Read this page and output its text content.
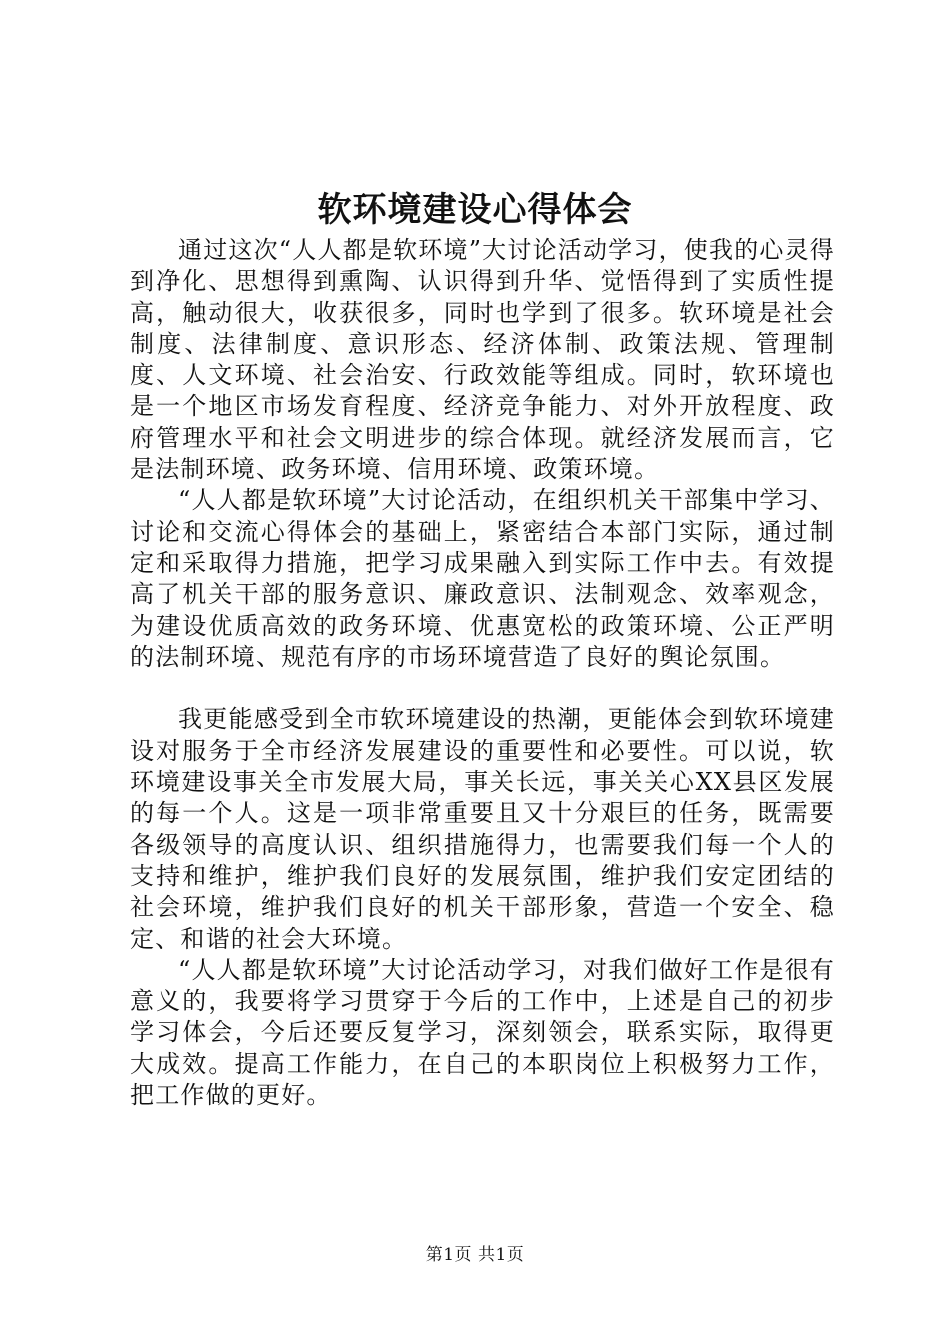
软环境建设心得体会

通过这次“人人都是软环境”大讨论活动学习，使我的心灵得到净化、思想得到熏陶、认识得到升华、觉悟得到了实质性提高，触动很大，收获很多，同时也学到了很多。软环境是社会制度、法律制度、意识形态、经济体制、政策法规、管理制度、人文环境、社会治安、行政效能等组成。同时，软环境也是一个地区市场发育程度、经济竞争能力、对外开放程度、政府管理水平和社会文明进步的综合体现。就经济发展而言，它是法制环境、政务环境、信用环境、政策环境。

“人人都是软环境”大讨论活动，在组织机关干部集中学习、讨论和交流心得体会的基础上，紧密结合本部门实际，通过制定和采取得力措施，把学习成果融入到实际工作中去。有效提高了机关干部的服务意识、廉政意识、法制观念、效率观念，为建设优质高效的政务环境、优惠宽松的政策环境、公正严明的法制环境、规范有序的市场环境营造了良好的舆论氛围。

我更能感受到全市软环境建设的热潮，更能体会到软环境建设对服务于全市经济发展建设的重要性和必要性。可以说，软环境建设事关全市发展大局，事关长远，事关关心XX县区发展的每一个人。这是一项非常重要且又十分艰巨的任务，既需要各级领导的高度认识、组织措施得力，也需要我们每一个人的支持和维护，维护我们良好的发展氛围，维护我们安定团结的社会环境，维护我们良好的机关干部形象，营造一个安全、稳定、和谐的社会大环境。

“人人都是软环境”大讨论活动学习，对我们做好工作是很有意义的，我要将学习贯穿于今后的工作中，上述是自己的初步学习体会，今后还要反复学习，深刻领会，联系实际，取得更大成效。提高工作能力，在自己的本职岗位上积极努力工作，把工作做的更好。

第1页 共1页
